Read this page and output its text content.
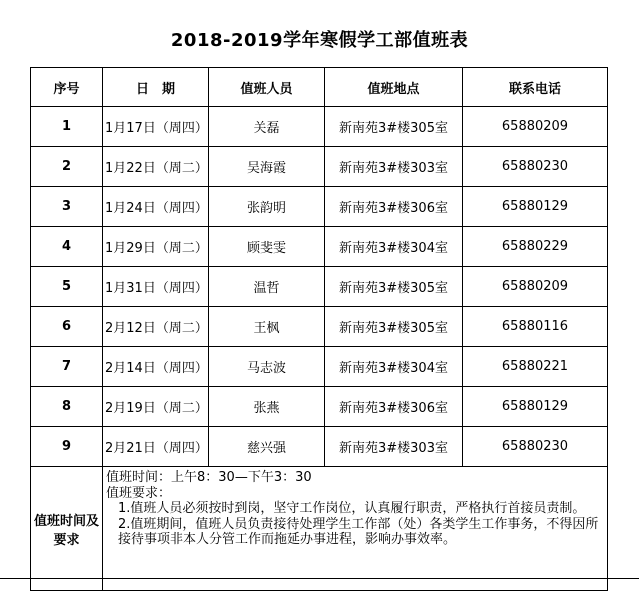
2018-2019学年寒假学工部值班表
序号	日　期	值班人员	值班地点	联系电话
1	1月17日（周四）	关磊	新南苑3#楼305室	65880209
2	1月22日（周二）	吴海霞	新南苑3#楼303室	65880230
3	1月24日（周四）	张韵明	新南苑3#楼306室	65880129
4	1月29日（周二）	顾斐雯	新南苑3#楼304室	65880229
5	1月31日（周四）	温哲	新南苑3#楼305室	65880209
6	2月12日（周二）	王枫	新南苑3#楼305室	65880116
7	2月14日（周四）	马志波	新南苑3#楼304室	65880221
8	2月19日（周二）	张燕	新南苑3#楼306室	65880129
9	2月21日（周四）	慈兴强	新南苑3#楼303室	65880230
值班时间及要求	值班时间：上午8：30—下午3：30
值班要求：
1.值班人员必须按时到岗，坚守工作岗位，认真履行职责，严格执行首接员责制。
2.值班期间，值班人员负责接待处理学生工作部（处）各类学生工作事务，不得因所
接待事项非本人分管工作而拖延办事进程，影响办事效率。			
